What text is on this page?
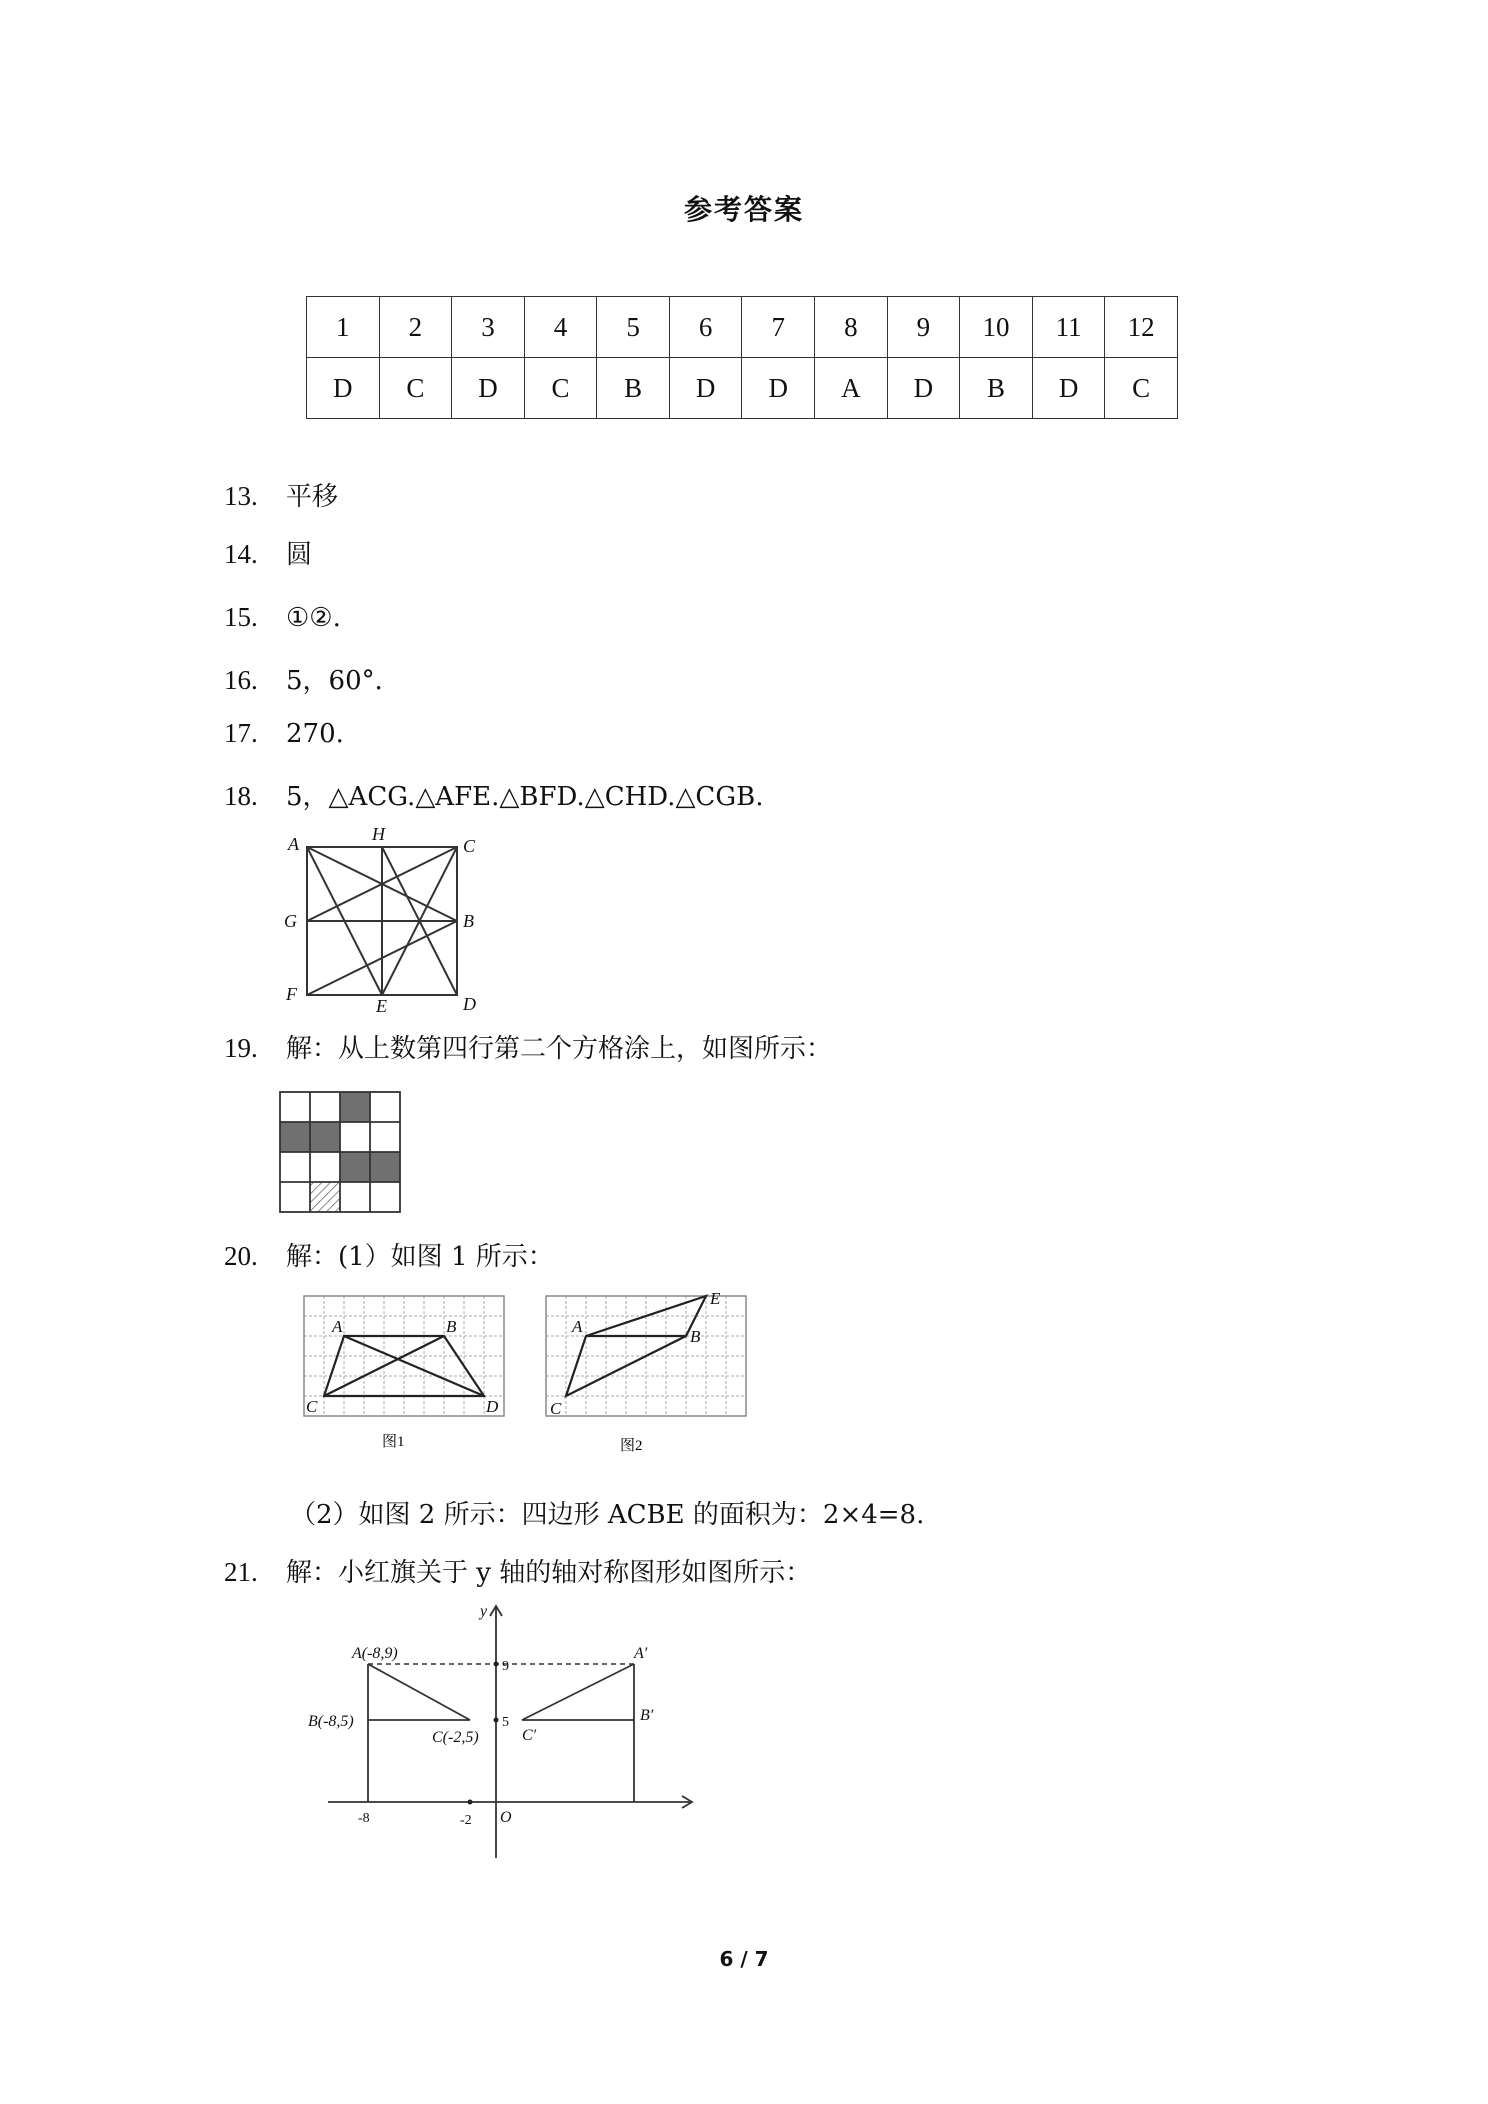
参考答案
1	2	3	4	5	6	7	8	9	10	11	12
D	C	D	C	B	D	D	A	D	B	D	C
13. 平移
14. 圆
15. ①②.
16. 5，60°．
17. 270.
18. 5，△ACG.△AFE.△BFD.△CHD.△CGB.
A	H
C
G	B
F
E	D
19. 解：从上数第四行第二个方格涂上，如图所示：
20. 解：(1）如图 1 所示：
A	B
C	D
图1
A
B
C
E
图2
（2）如图 2 所示：四边形 ACBE 的面积为：2×4=8.
21. 解：小红旗关于 y 轴的轴对称图形如图所示：
y
O
A(-8,9)
B(-8,5)
C(-2,5)
A′
B′
C′
9
5
-8	-2
6 / 7
